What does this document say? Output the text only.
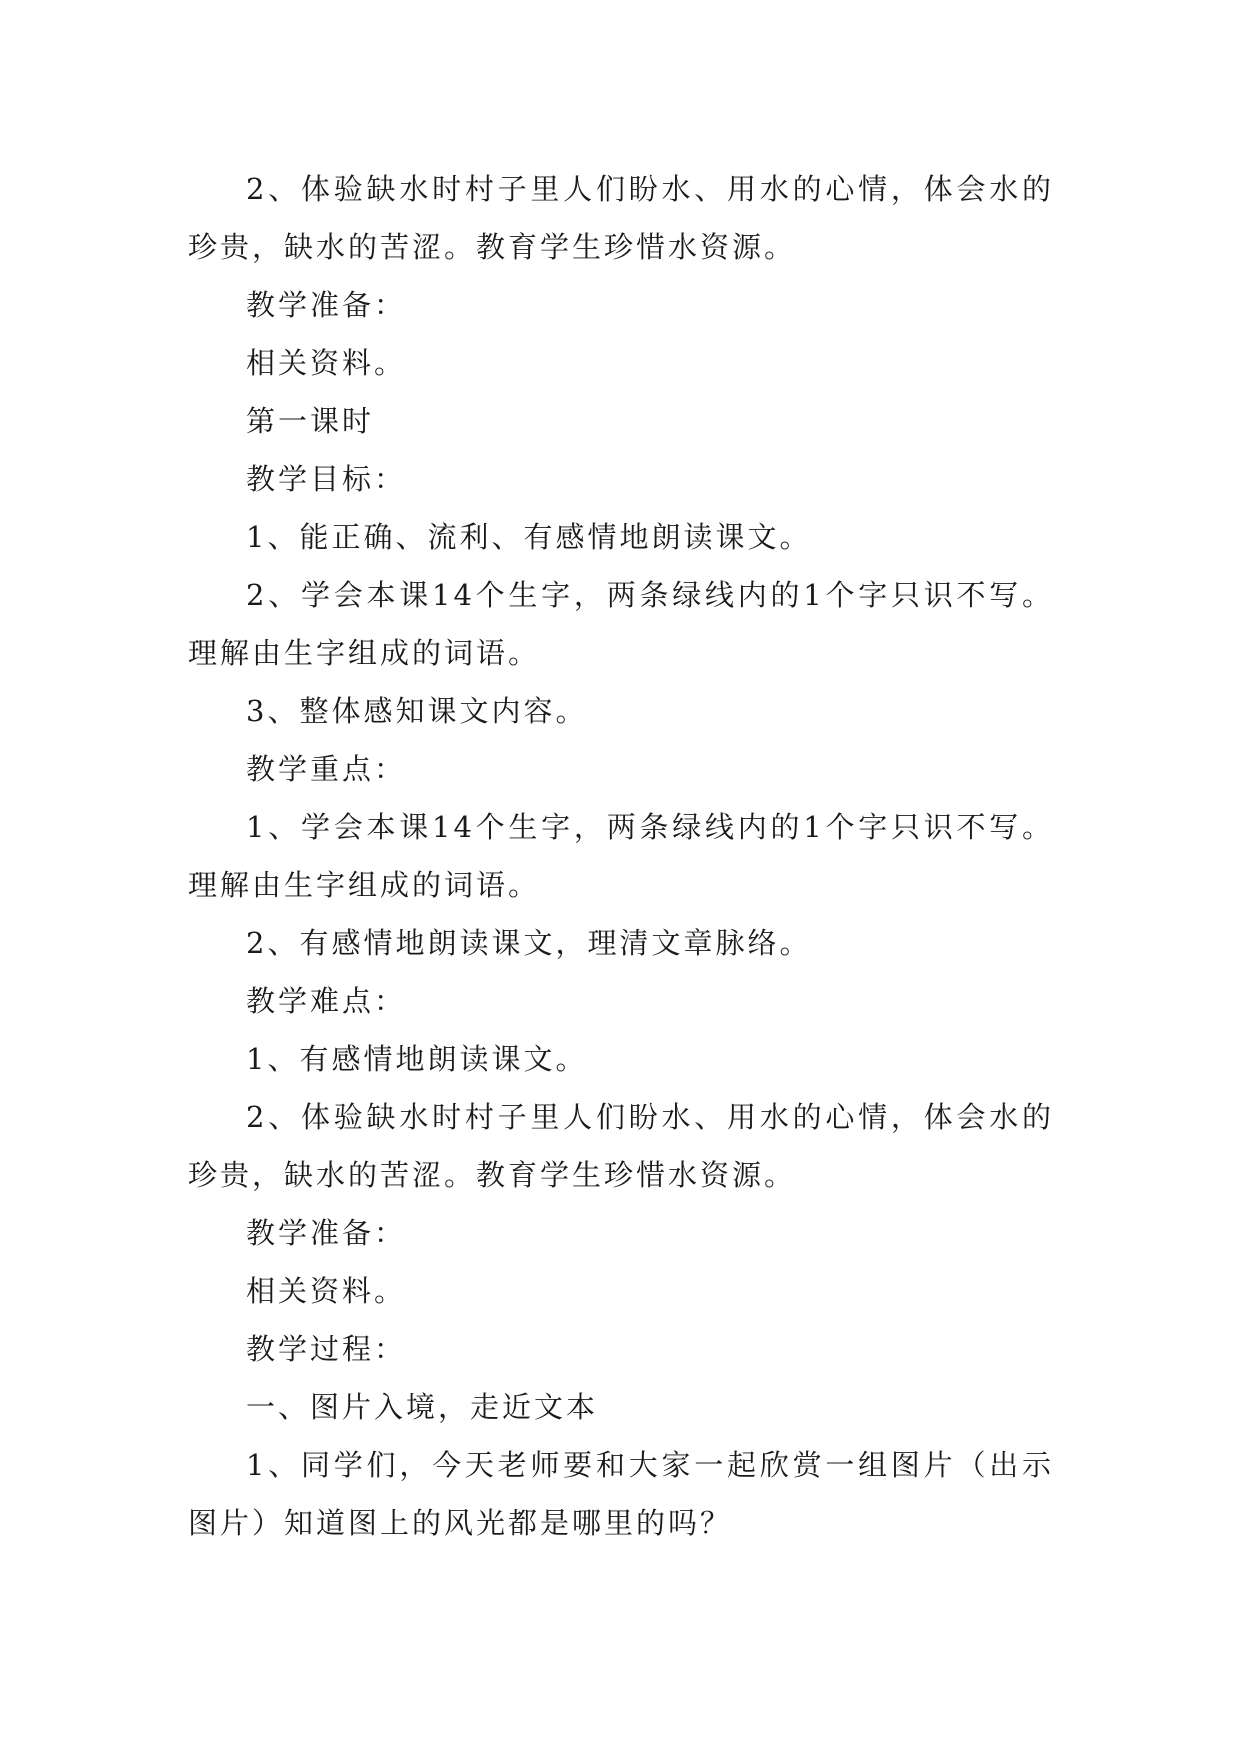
2、体验缺水时村子里人们盼水、用水的心情，体会水的珍贵，缺水的苦涩。教育学生珍惜水资源。

教学准备：

相关资料。

第一课时

教学目标：

1、能正确、流利、有感情地朗读课文。

2、学会本课14个生字，两条绿线内的1个字只识不写。理解由生字组成的词语。

3、整体感知课文内容。

教学重点：

1、学会本课14个生字，两条绿线内的1个字只识不写。理解由生字组成的词语。

2、有感情地朗读课文，理清文章脉络。

教学难点：

1、有感情地朗读课文。

2、体验缺水时村子里人们盼水、用水的心情，体会水的珍贵，缺水的苦涩。教育学生珍惜水资源。

教学准备：

相关资料。

教学过程：

一、图片入境，走近文本

1、同学们，今天老师要和大家一起欣赏一组图片（出示图片）知道图上的风光都是哪里的吗？
